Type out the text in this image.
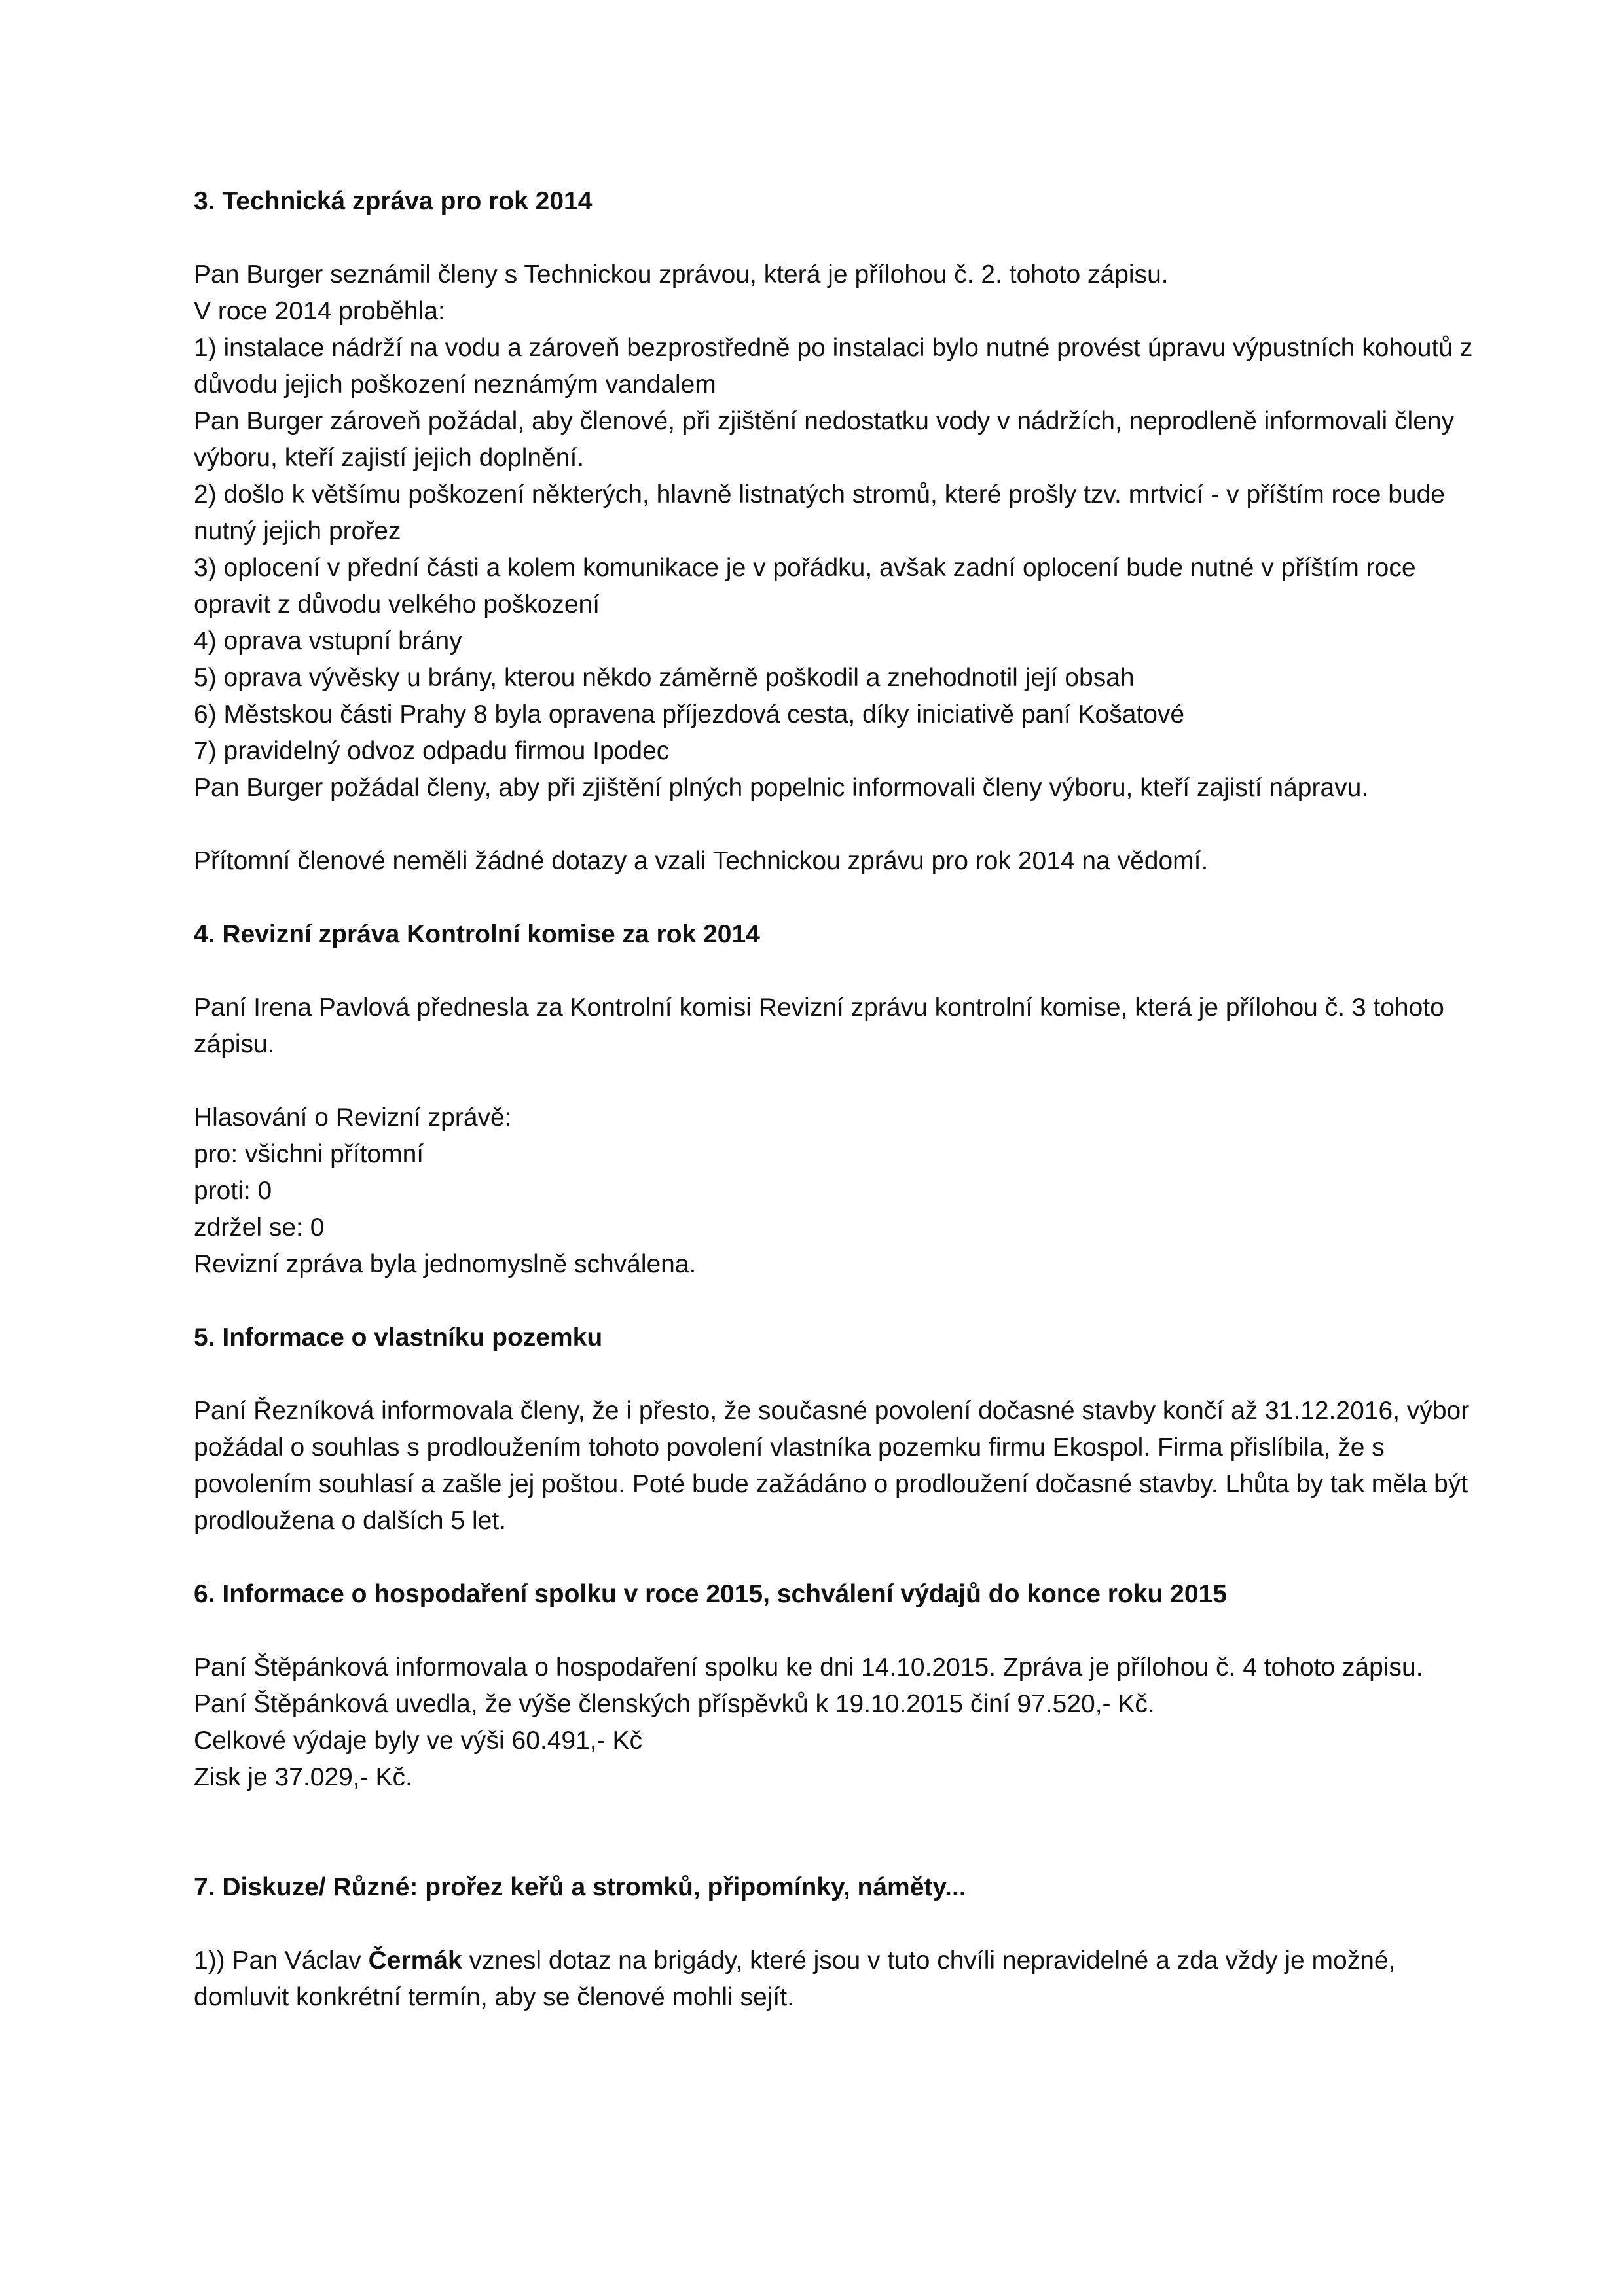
3. Technická zpráva pro rok 2014
Pan Burger seznámil členy s Technickou zprávou, která je přílohou č. 2. tohoto zápisu.
V roce 2014 proběhla:
1) instalace nádrží na vodu a zároveň bezprostředně po instalaci bylo nutné provést úpravu výpustních kohoutů z důvodu jejich poškození neznámým vandalem
Pan Burger zároveň požádal, aby členové, při zjištění nedostatku vody v nádržích, neprodleně informovali členy výboru, kteří zajistí jejich doplnění.
2) došlo k většímu poškození některých, hlavně listnatých stromů, které prošly tzv. mrtvicí - v příštím roce bude nutný jejich prořez
3) oplocení v přední části a kolem komunikace je v pořádku, avšak zadní oplocení bude nutné v příštím roce opravit z důvodu velkého poškození
4) oprava vstupní brány
5) oprava vývěsky u brány, kterou někdo záměrně poškodil a znehodnotil její obsah
6) Městskou části Prahy 8 byla opravena příjezdová cesta, díky iniciativě paní Košatové
7) pravidelný odvoz odpadu firmou Ipodec
Pan Burger požádal členy, aby při zjištění plných popelnic informovali členy výboru, kteří zajistí nápravu.
Přítomní členové neměli žádné dotazy a vzali Technickou zprávu pro rok 2014 na vědomí.
4. Revizní zpráva Kontrolní komise za rok 2014
Paní Irena Pavlová přednesla za Kontrolní komisi Revizní zprávu kontrolní komise, která je přílohou č. 3 tohoto zápisu.
Hlasování o Revizní zprávě:
pro: všichni přítomní
proti: 0
zdržel se: 0
Revizní zpráva byla jednomyslně schválena.
5. Informace o vlastníku pozemku
Paní Řezníková informovala členy, že i přesto, že současné povolení dočasné stavby končí až 31.12.2016, výbor požádal o souhlas s prodloužením tohoto povolení vlastníka pozemku firmu Ekospol. Firma přislíbila, že s povolením souhlasí a zašle jej poštou. Poté bude zažádáno o prodloužení dočasné stavby. Lhůta by tak měla být prodloužena o dalších 5 let.
6. Informace o hospodaření spolku v roce 2015, schválení výdajů do konce roku 2015
Paní Štěpánková informovala o hospodaření spolku ke dni 14.10.2015. Zpráva je přílohou č. 4 tohoto zápisu.
Paní Štěpánková uvedla, že výše členských příspěvků k 19.10.2015 činí 97.520,- Kč.
Celkové výdaje byly ve výši 60.491,- Kč
Zisk je 37.029,- Kč.
7. Diskuze/ Různé: prořez keřů a stromků, připomínky, náměty...
1)) Pan Václav Čermák vznesl dotaz na brigády, které jsou v tuto chvíli nepravidelné a zda vždy je možné, domluvit konkrétní termín, aby se členové mohli sejít.
